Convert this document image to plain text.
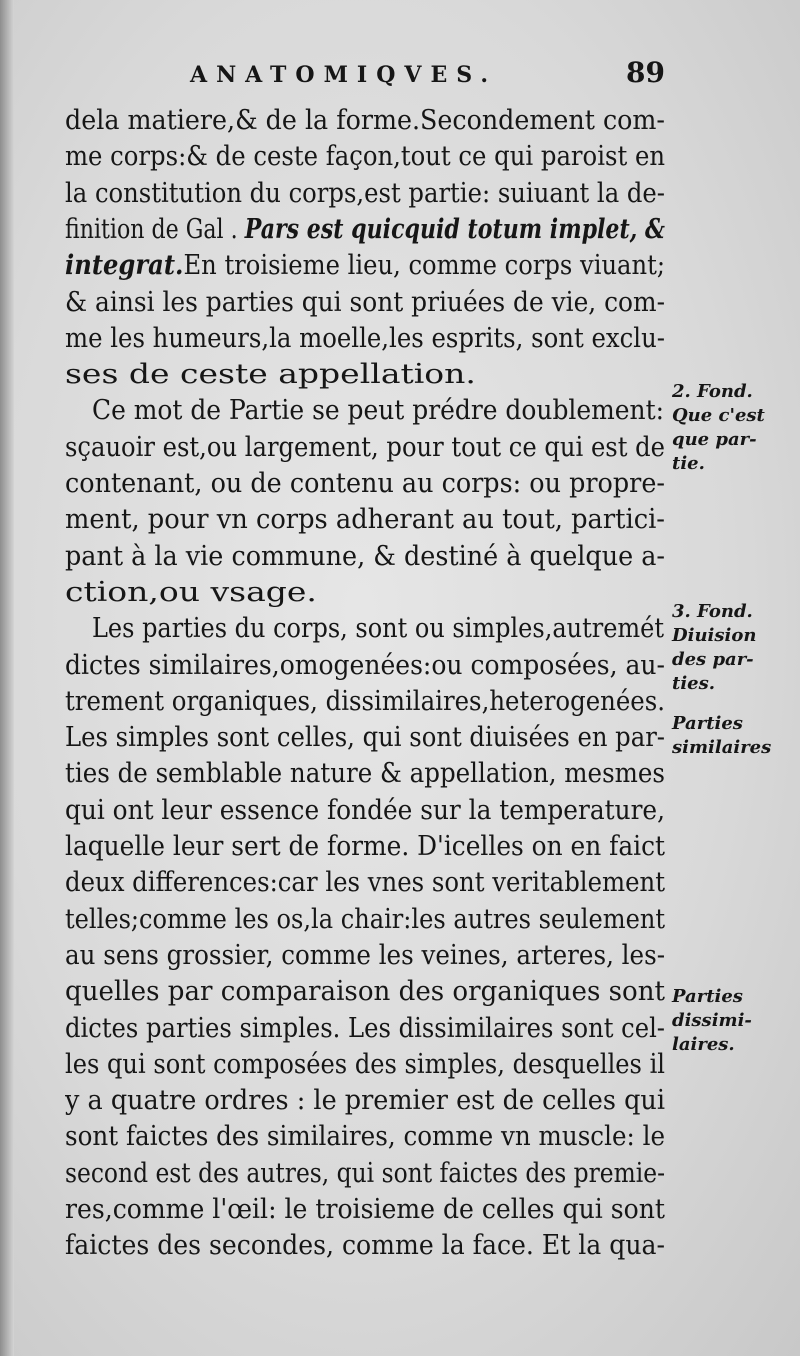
ANATOMIQVES.	89
dela matiere,& de la forme.Secondement com-
me corps:& de ceste façon,tout ce qui paroist en
la constitution du corps,est partie: suiuant la de-
finition de Gal . Pars est quicquid totum implet, &
integrat.En troisieme lieu, comme corps viuant;
& ainsi les parties qui sont priuées de vie, com-
me les humeurs,la moelle,les esprits, sont exclu-
ses de ceste appellation.
Ce mot de Partie se peut prédre doublement:
sçauoir est,ou largement, pour tout ce qui est de
contenant, ou de contenu au corps: ou propre-
ment, pour vn corps adherant au tout, partici-
pant à la vie commune, & destiné à quelque a-
ction,ou vsage.
Les parties du corps, sont ou simples,autremét
dictes similaires,omogenées:ou composées, au-
trement organiques, dissimilaires,heterogenées.
Les simples sont celles, qui sont diuisées en par-
ties de semblable nature & appellation, mesmes
qui ont leur essence fondée sur la temperature,
laquelle leur sert de forme. D'icelles on en faict
deux differences:car les vnes sont veritablement
telles;comme les os,la chair:les autres seulement
au sens grossier, comme les veines, arteres, les-
quelles par comparaison des organiques sont
dictes parties simples. Les dissimilaires sont cel-
les qui sont composées des simples, desquelles il
y a quatre ordres : le premier est de celles qui
sont faictes des similaires, comme vn muscle: le
second est des autres, qui sont faictes des premie-
res,comme l'œil: le troisieme de celles qui sont
faictes des secondes, comme la face. Et la qua-
2. Fond.
Que c'est
que par-
tie.
3. Fond.
Diuision
des par-
ties.
Parties
similaires
Parties
dissimi-
laires.
